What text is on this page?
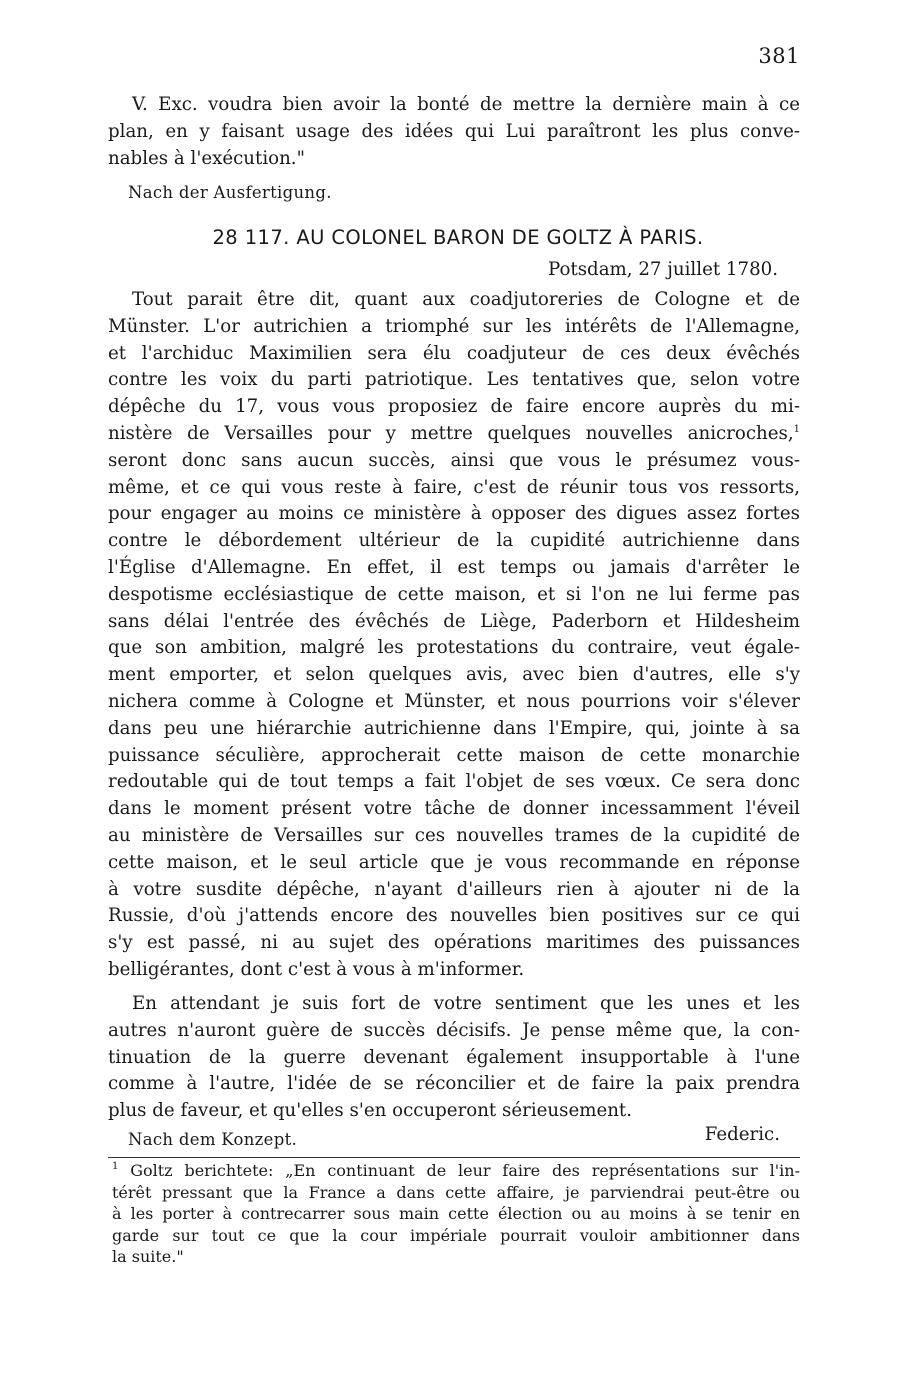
381
V. Exc. voudra bien avoir la bonté de mettre la dernière main à ce
plan, en y faisant usage des idées qui Lui paraîtront les plus conve-
nables à l'exécution."
Nach der Ausfertigung.
28 117. AU COLONEL BARON DE GOLTZ À PARIS.
Potsdam, 27 juillet 1780.
Tout parait être dit, quant aux coadjutoreries de Cologne et de
Münster. L'or autrichien a triomphé sur les intérêts de l'Allemagne,
et l'archiduc Maximilien sera élu coadjuteur de ces deux évêchés
contre les voix du parti patriotique. Les tentatives que, selon votre
dépêche du 17, vous vous proposiez de faire encore auprès du mi-
nistère de Versailles pour y mettre quelques nouvelles anicroches,$^1$
seront donc sans aucun succès, ainsi que vous le présumez vous-
même, et ce qui vous reste à faire, c'est de réunir tous vos ressorts,
pour engager au moins ce ministère à opposer des digues assez fortes
contre le débordement ultérieur de la cupidité autrichienne dans
l'Église d'Allemagne. En effet, il est temps ou jamais d'arrêter le
despotisme ecclésiastique de cette maison, et si l'on ne lui ferme pas
sans délai l'entrée des évêchés de Liège, Paderborn et Hildesheim
que son ambition, malgré les protestations du contraire, veut égale-
ment emporter, et selon quelques avis, avec bien d'autres, elle s'y
nichera comme à Cologne et Münster, et nous pourrions voir s'élever
dans peu une hiérarchie autrichienne dans l'Empire, qui, jointe à sa
puissance séculière, approcherait cette maison de cette monarchie
redoutable qui de tout temps a fait l'objet de ses vœux. Ce sera donc
dans le moment présent votre tâche de donner incessamment l'éveil
au ministère de Versailles sur ces nouvelles trames de la cupidité de
cette maison, et le seul article que je vous recommande en réponse
à votre susdite dépêche, n'ayant d'ailleurs rien à ajouter ni de la
Russie, d'où j'attends encore des nouvelles bien positives sur ce qui
s'y est passé, ni au sujet des opérations maritimes des puissances
belligérantes, dont c'est à vous à m'informer.
En attendant je suis fort de votre sentiment que les unes et les
autres n'auront guère de succès décisifs. Je pense même que, la con-
tinuation de la guerre devenant également insupportable à l'une
comme à l'autre, l'idée de se réconcilier et de faire la paix prendra
plus de faveur, et qu'elles s'en occuperont sérieusement.
Nach dem Konzept.	Federic.
$^1$ Goltz berichtete: „En continuant de leur faire des représentations sur l'in-
térêt pressant que la France a dans cette affaire, je parviendrai peut-être ou
à les porter à contrecarrer sous main cette élection ou au moins à se tenir en
garde sur tout ce que la cour impériale pourrait vouloir ambitionner dans
la suite."
